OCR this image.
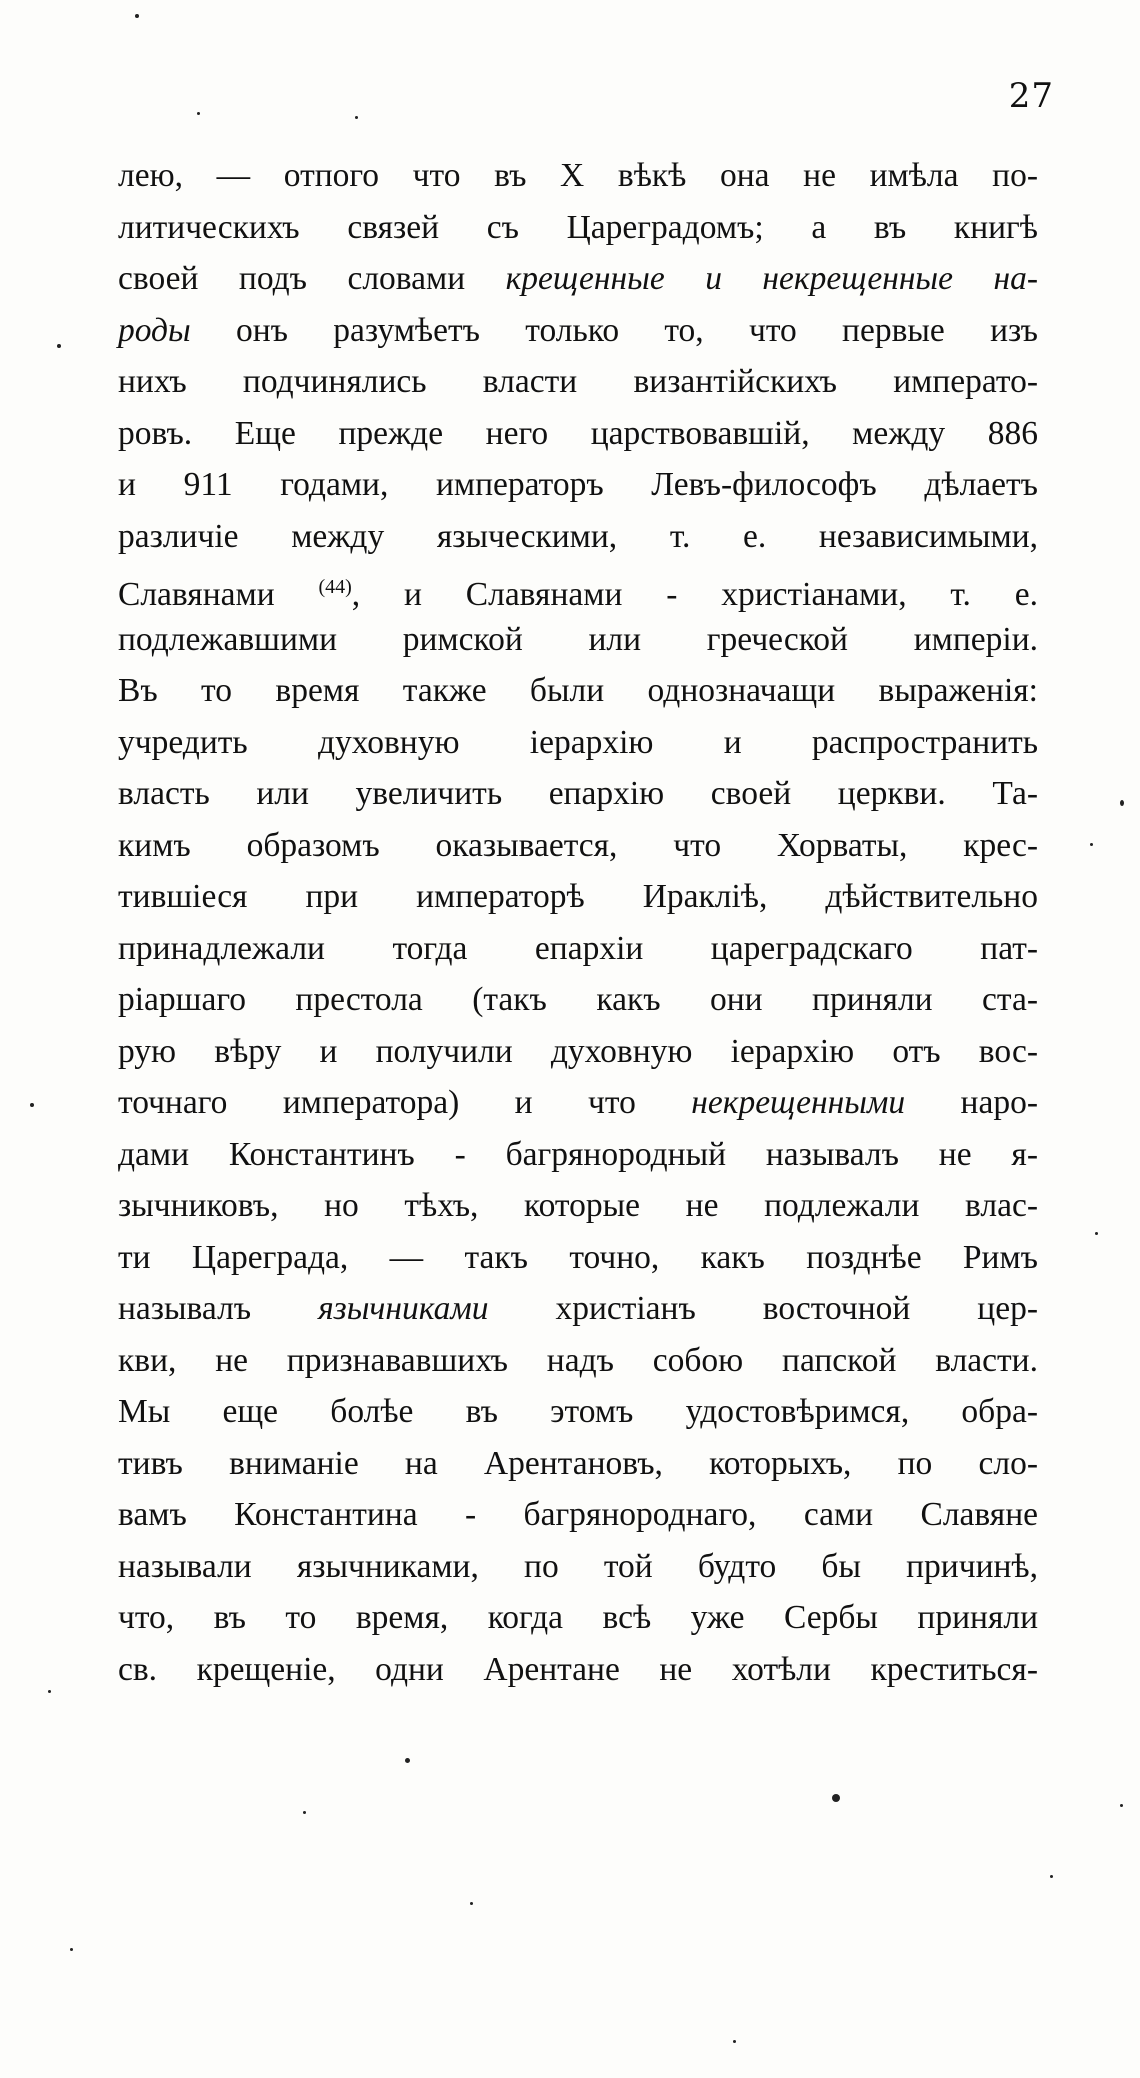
27
лею, — отпого что въ X вѣкѣ она не имѣла по-
литическихъ связей съ Цареградомъ; а въ книгѣ
своей подъ словами крещенные и некрещенные на-
роды онъ разумѣетъ только то, что первые изъ
нихъ подчинялись власти византійскихъ императо-
ровъ. Еще прежде него царствовавшій, между 886
и 911 годами, императоръ Левъ-философъ дѣлаетъ
различіе между языческими, т. е. независимыми,
Славянами $^{(44)}$, и Славянами - христіанами, т. е.
подлежавшими римской или греческой имперіи.
Въ то время также были однозначащи выраженія:
учредить духовную іерархію и распространить
власть или увеличить епархію своей церкви. Та-
кимъ образомъ оказывается, что Хорваты, крес-
тившіеся при императорѣ Ираклiѣ, дѣйствительно
принадлежали тогда епархіи цареградскаго пат-
ріаршаго престола (такъ какъ они приняли ста-
рую вѣру и получили духовную іерархію отъ вос-
точнаго императора) и что некрещенными наро-
дами Константинъ - багрянородный называлъ не я-
зычниковъ, но тѣхъ, которые не подлежали влас-
ти Цареграда, — такъ точно, какъ позднѣе Римъ
называлъ язычниками христіанъ восточной цер-
кви, не признававшихъ надъ собою папской власти.
Мы еще болѣе въ этомъ удостовѣримся, обра-
тивъ вниманіе на Арентановъ, которыхъ, по сло-
вамъ Константина - багрянороднаго, сами Славяне
называли язычниками, по той будто бы причинѣ,
что, въ то время, когда всѣ уже Сербы приняли
св. крещеніе, одни Арентане не хотѣли креститься-
